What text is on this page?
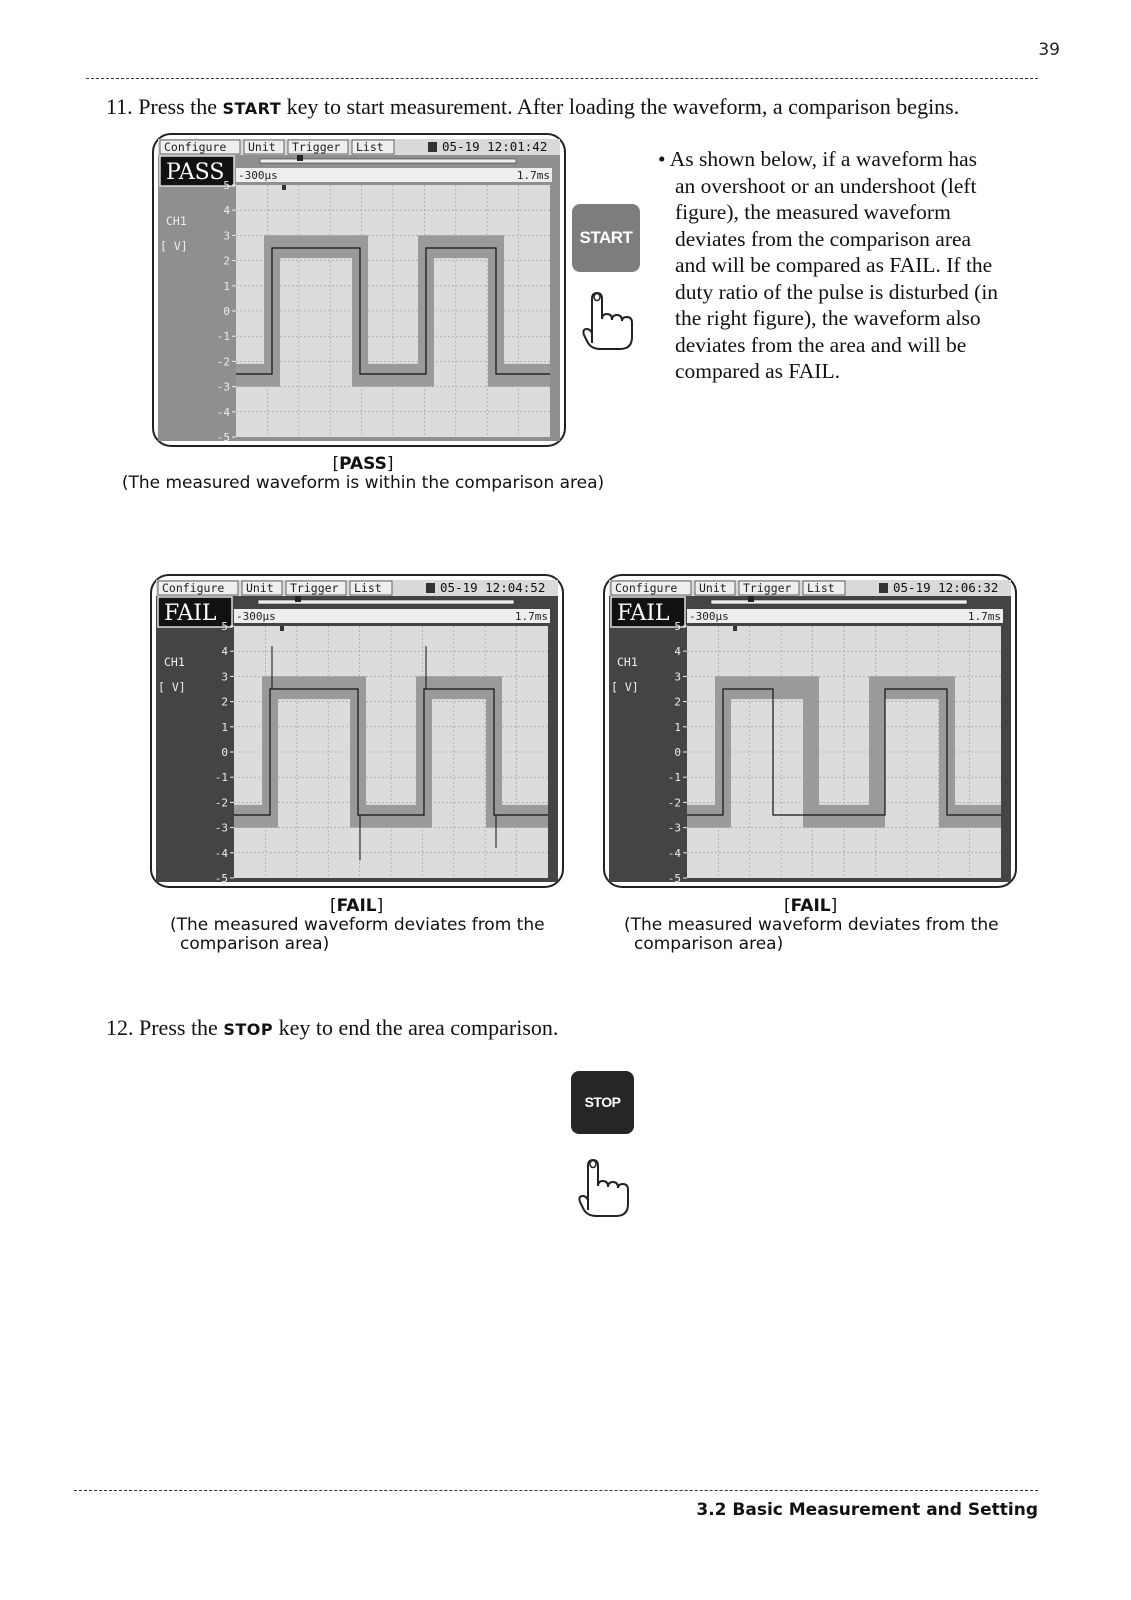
39
11. Press the START key to start measurement. After loading the waveform, a comparison begins.
Configure Unit Trigger List	05-19 12:01:42
PASS -300µs	1.7ms
CH1
[ V]
5
4
3
2
1
0
-1
-2
-3
-4
-5
START
• As shown below, if a waveform has
an overshoot or an undershoot (left
figure), the measured waveform
deviates from the comparison area
and will be compared as FAIL. If the
duty ratio of the pulse is disturbed (in
the right figure), the waveform also
deviates from the area and will be
compared as FAIL.
[PASS]
(The measured waveform is within the comparison area)
Configure Unit Trigger List	05-19 12:04:52
FAIL -300µs	1.7ms
CH1
[ V]
5
4
3
2
1
0
-1
-2
-3
-4
-5
Configure Unit Trigger List	05-19 12:06:32
FAIL -300µs	1.7ms
CH1
[ V]
5
4
3
2
1
0
-1
-2
-3
-4
-5
[FAIL]
(The measured waveform deviates from the
comparison area)
[FAIL]
(The measured waveform deviates from the
comparison area)
12. Press the STOP key to end the area comparison.
STOP
3.2 Basic Measurement and Setting
